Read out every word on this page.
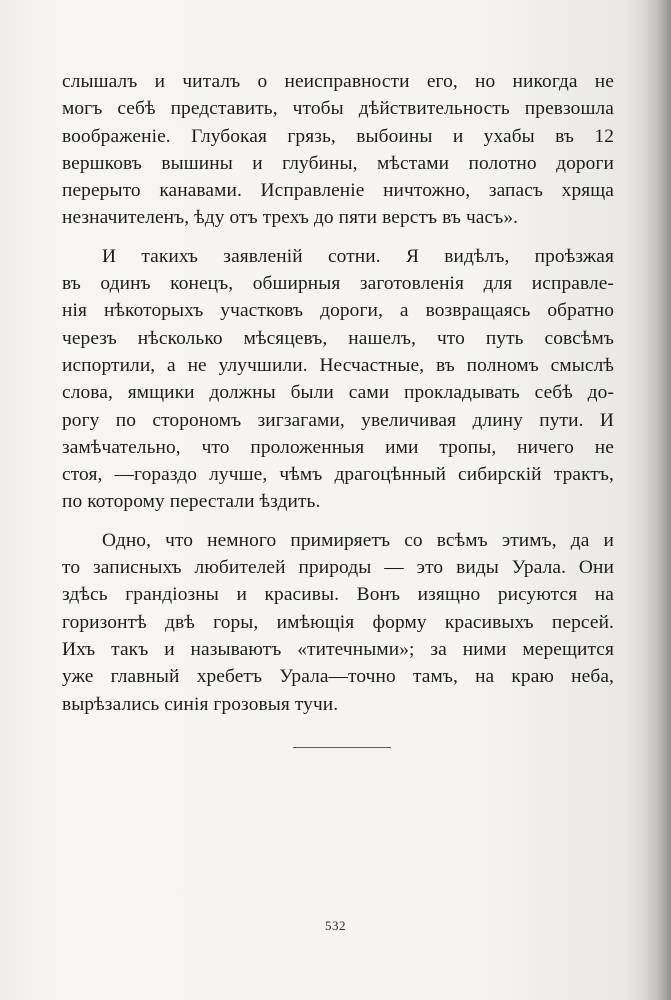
слышалъ и читалъ о неисправности его, но никогда не
могъ себѣ представить, чтобы дѣйствительность превзошла
воображеніе. Глубокая грязь, выбоины и ухабы въ 12
вершковъ вышины и глубины, мѣстами полотно дороги
перерыто канавами. Исправленіе ничтожно, запасъ хряща
незначителенъ, ѣду отъ трехъ до пяти верстъ въ часъ».
И такихъ заявленій сотни. Я видѣлъ, проѣзжая
въ одинъ конецъ, обширныя заготовленія для исправле-
нія нѣкоторыхъ участковъ дороги, а возвращаясь обратно
черезъ нѣсколько мѣсяцевъ, нашелъ, что путь совсѣмъ
испортили, а не улучшили. Несчастные, въ полномъ смыслѣ
слова, ямщики должны были сами прокладывать себѣ до-
рогу по сторономъ зигзагами, увеличивая длину пути. И
замѣчательно, что проложенныя ими тропы, ничего не
стоя, —гораздо лучше, чѣмъ драгоцѣнный сибирскій трактъ,
по которому перестали ѣздить.
Одно, что немного примиряетъ со всѣмъ этимъ, да и
то записныхъ любителей природы — это виды Урала. Они
здѣсь грандіозны и красивы. Вонъ изящно рисуются на
горизонтѣ двѣ горы, имѣющія форму красивыхъ персей.
Ихъ такъ и называютъ «титечными»; за ними мерещится
уже главный хребетъ Урала—точно тамъ, на краю неба,
вырѣзались синія грозовыя тучи.
532
